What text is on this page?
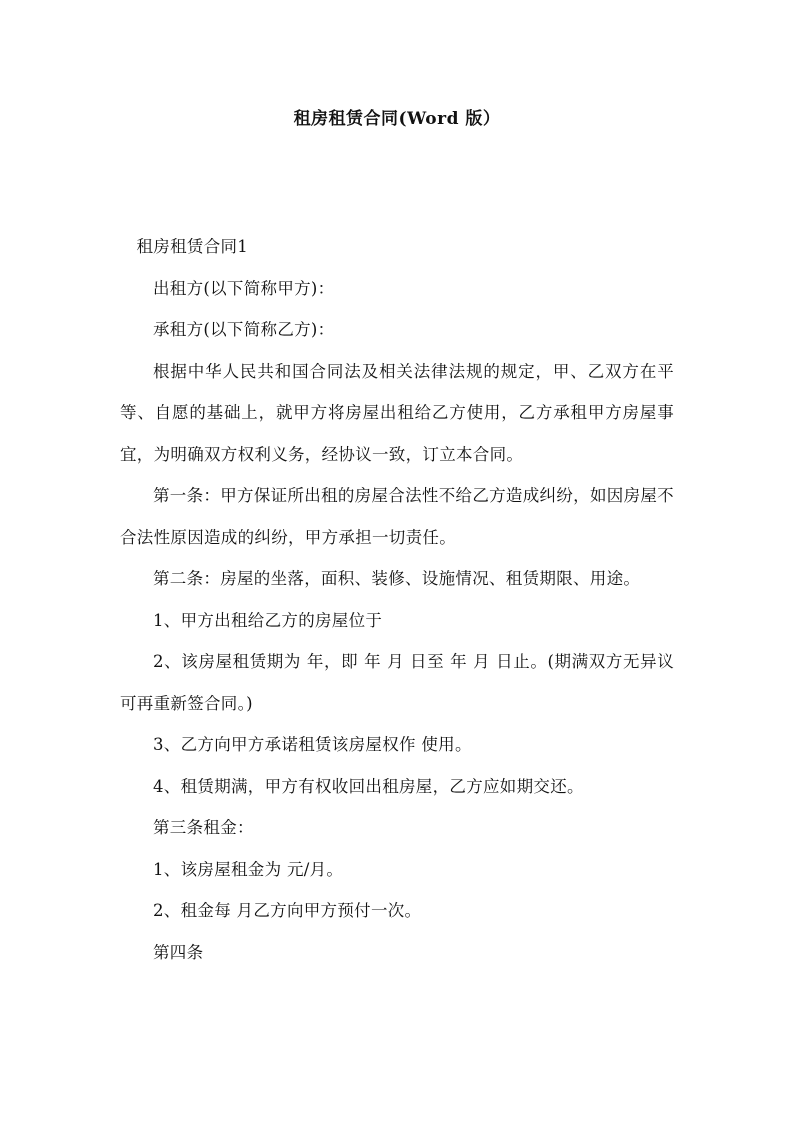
租房租赁合同(Word 版）

租房租赁合同1

出租方(以下简称甲方)：

承租方(以下简称乙方)：

根据中华人民共和国合同法及相关法律法规的规定，甲、乙双方在平等、自愿的基础上，就甲方将房屋出租给乙方使用，乙方承租甲方房屋事宜，为明确双方权利义务，经协议一致，订立本合同。

第一条：甲方保证所出租的房屋合法性不给乙方造成纠纷，如因房屋不合法性原因造成的纠纷，甲方承担一切责任。

第二条：房屋的坐落，面积、装修、设施情况、租赁期限、用途。

1、甲方出租给乙方的房屋位于

2、该房屋租赁期为 年，即 年 月 日至 年 月 日止。(期满双方无异议可再重新签合同。)

3、乙方向甲方承诺租赁该房屋权作 使用。

4、租赁期满，甲方有权收回出租房屋，乙方应如期交还。

第三条租金：

1、该房屋租金为 元/月。

2、租金每 月乙方向甲方预付一次。

第四条
